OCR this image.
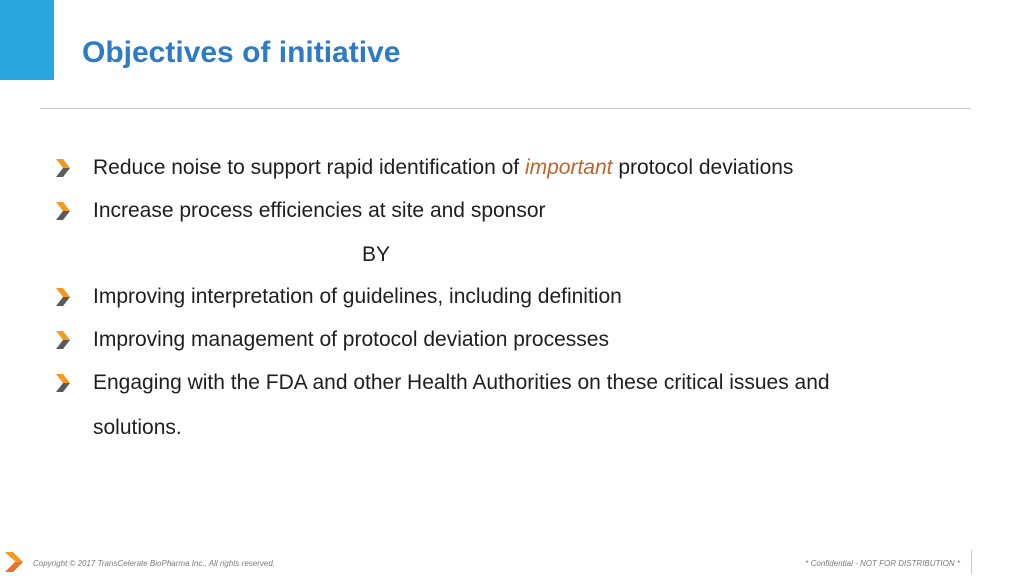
Objectives of initiative
Reduce noise to support rapid identification of important protocol deviations
Increase process efficiencies at site and sponsor
BY
Improving interpretation of guidelines, including definition
Improving management of protocol deviation processes
Engaging with the FDA and other Health Authorities on these critical issues and
solutions.
Copyright © 2017 TransCelerate BioPharma Inc., All rights reserved.	* Confidential - NOT FOR DISTRIBUTION *
